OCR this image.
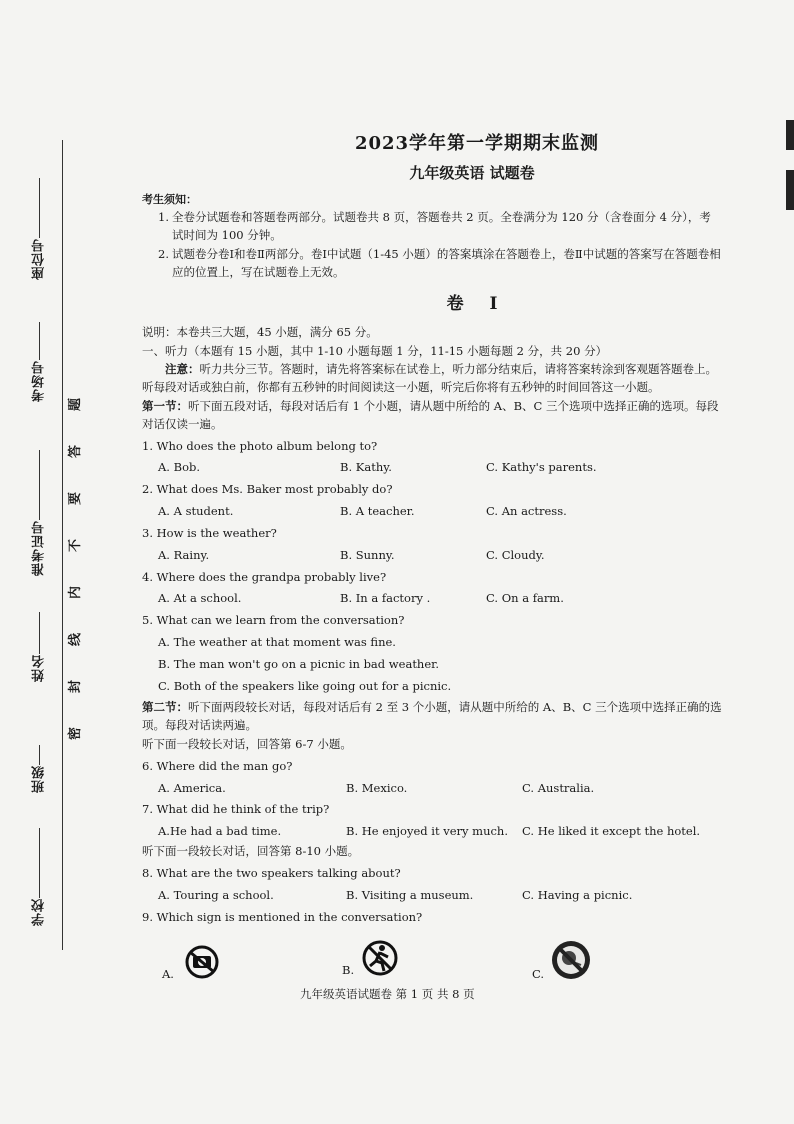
座位号
考场号
准考证号
姓名
班级
学校
题
答
要
不
内
线
封
密
2023学年第一学期期末监测
九年级英语 试题卷
考生须知：
1. 全卷分试题卷和答题卷两部分。试题卷共 8 页，答题卷共 2 页。全卷满分为 120 分（含卷面分 4 分），考试时间为 100 分钟。
2. 试题卷分卷Ⅰ和卷Ⅱ两部分。卷Ⅰ中试题（1-45 小题）的答案填涂在答题卷上，卷Ⅱ中试题的答案写在答题卷相应的位置上，写在试题卷上无效。
卷 Ⅰ
说明：本卷共三大题，45 小题，满分 65 分。
一、听力（本题有 15 小题，其中 1-10 小题每题 1 分，11-15 小题每题 2 分，共 20 分）
注意：听力共分三节。答题时，请先将答案标在试卷上，听力部分结束后，请将答案转涂到客观题答题卷上。听每段对话或独白前，你都有五秒钟的时间阅读这一小题，听完后你将有五秒钟的时间回答这一小题。
第一节：听下面五段对话，每段对话后有 1 个小题，请从题中所给的 A、B、C 三个选项中选择正确的选项。每段对话仅读一遍。
1. Who does the photo album belong to?
A. Bob.	B. Kathy.	C. Kathy's parents.
2. What does Ms. Baker most probably do?
A. A student.	B. A teacher.	C. An actress.
3. How is the weather?
A. Rainy.	B. Sunny.	C. Cloudy.
4. Where does the grandpa probably live?
A. At a school.	B. In a factory .	C. On a farm.
5. What can we learn from the conversation?
A. The weather at that moment was fine.
B. The man won't go on a picnic in bad weather.
C. Both of the speakers like going out for a picnic.
第二节：听下面两段较长对话，每段对话后有 2 至 3 个小题，请从题中所给的 A、B、C 三个选项中选择正确的选项。每段对话读两遍。
听下面一段较长对话，回答第 6-7 小题。
6. Where did the man go?
A. America.	B. Mexico.	C. Australia.
7. What did he think of the trip?
A.He had a bad time.	B. He enjoyed it very much.	C. He liked it except the hotel.
听下面一段较长对话，回答第 8-10 小题。
8. What are the two speakers talking about?
A. Touring a school.	B. Visiting a museum.	C. Having a picnic.
9. Which sign is mentioned in the conversation?
A.	B.	C.
九年级英语试题卷 第 1 页 共 8 页
